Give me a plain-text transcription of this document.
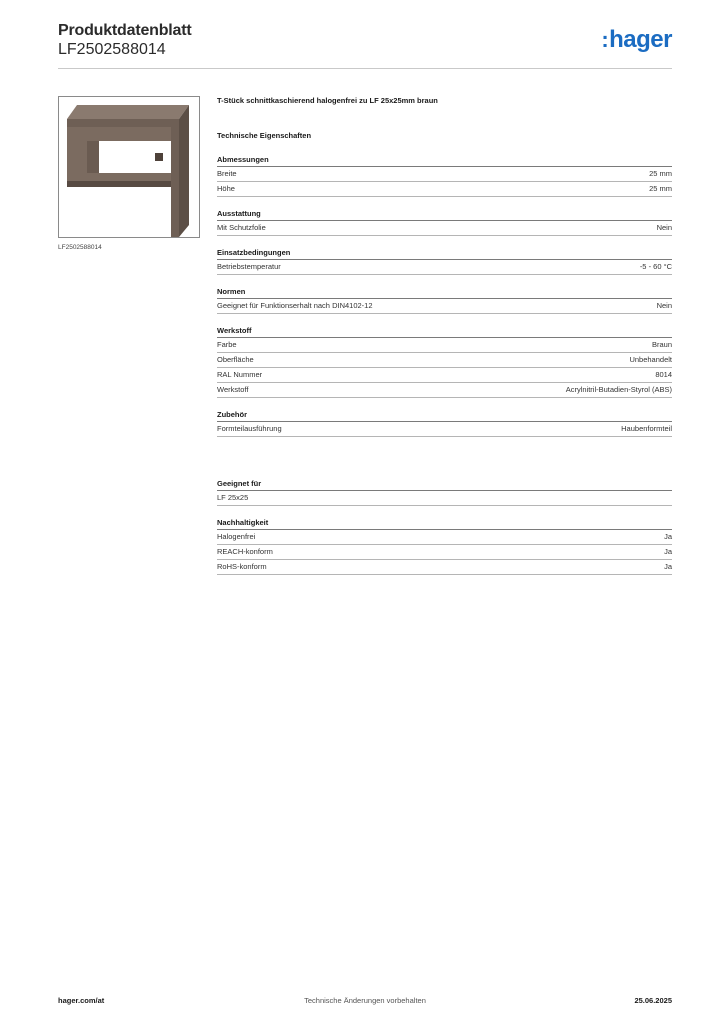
Produktdatenblatt
LF2502588014	:hager
LF2502588014
T-Stück schnittkaschierend halogenfrei zu LF 25x25mm braun
Technische Eigenschaften
Abmessungen
Breite	25 mm
Höhe	25 mm
Ausstattung
Mit Schutzfolie	Nein
Einsatzbedingungen
Betriebstemperatur	-5 - 60 °C
Normen
Geeignet für Funktionserhalt nach DIN4102-12	Nein
Werkstoff
Farbe	Braun
Oberfläche	Unbehandelt
RAL Nummer	8014
Werkstoff	Acrylnitril-Butadien-Styrol (ABS)
Zubehör
Formteilausführung	Haubenformteil
Geeignet für
LF 25x25
Nachhaltigkeit
Halogenfrei	Ja
REACH-konform	Ja
RoHS-konform	Ja
hager.com/at	Technische Änderungen vorbehalten	25.06.2025
